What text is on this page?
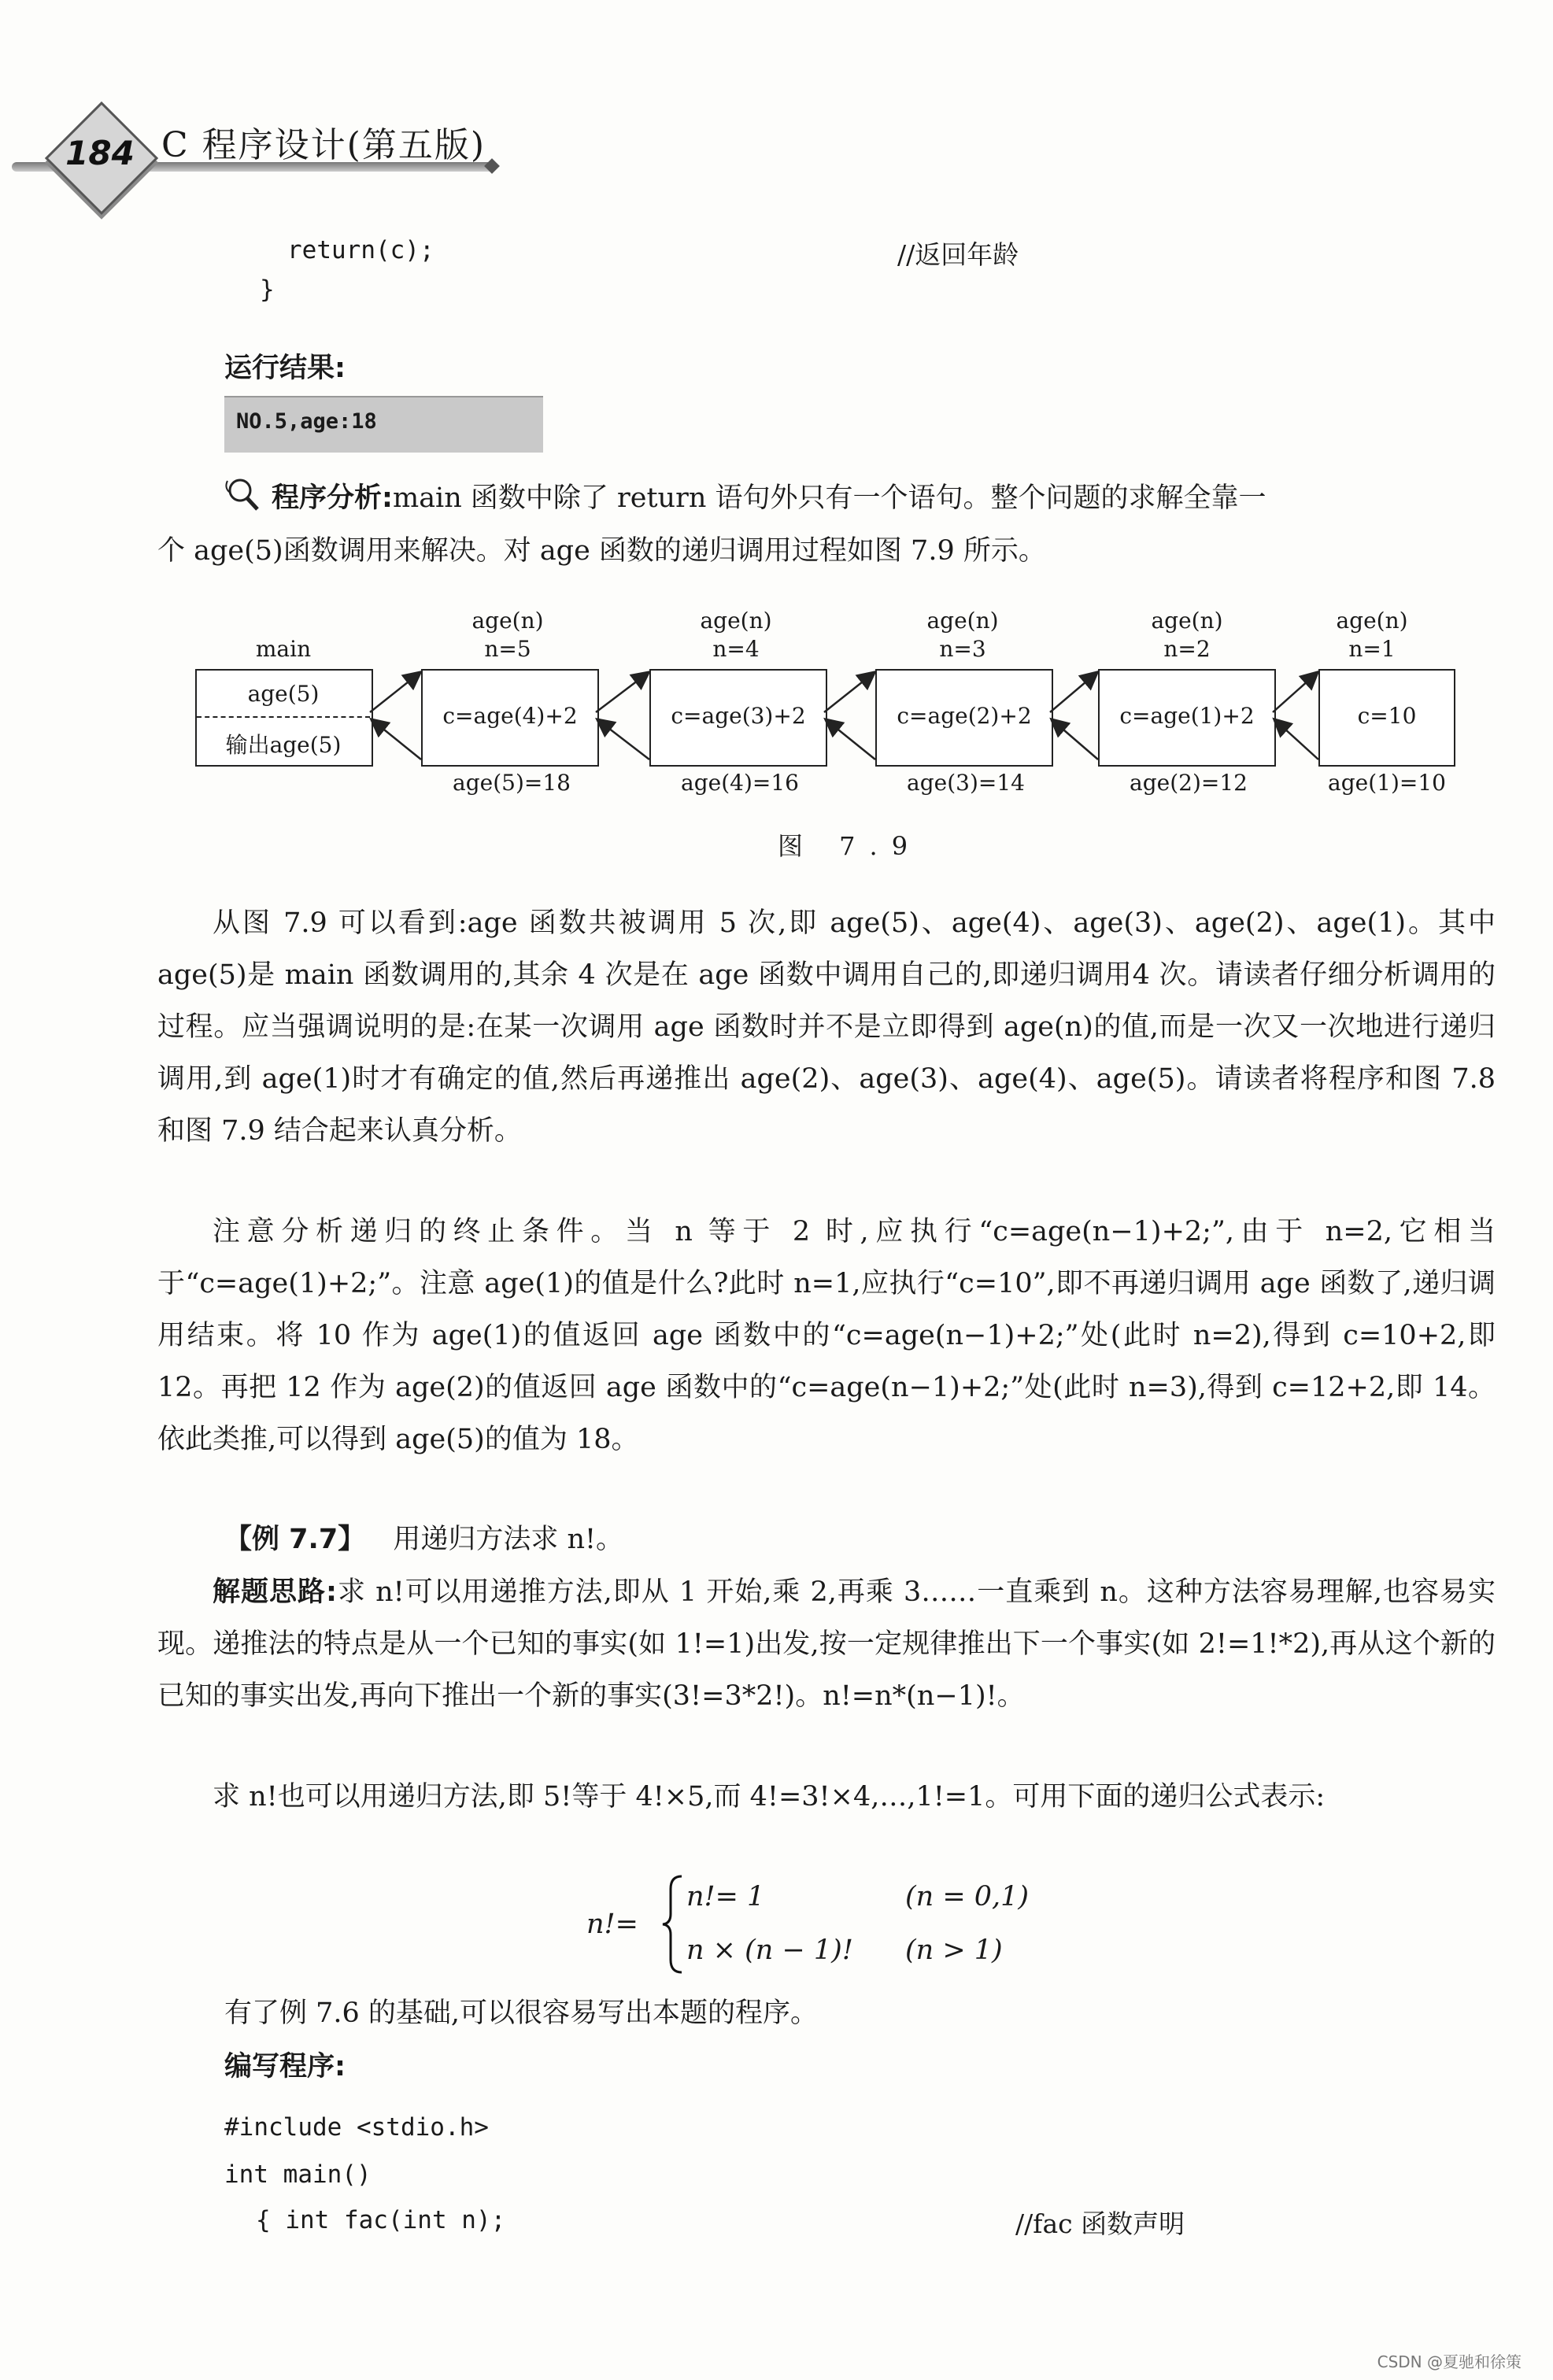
184 C 程序设计(第五版)
return(c);	//返回年龄
}
运行结果:
NO.5,age:18
程序分析:main 函数中除了 return 语句外只有一个语句。整个问题的求解全靠一
个 age(5)函数调用来解决。对 age 函数的递归调用过程如图 7.9 所示。
main
age(5)
输出age(5)
age(n)
n=5
c=age(4)+2
age(5)=18
age(n)
n=4
c=age(3)+2
age(4)=16
age(n)
n=3
c=age(2)+2
age(3)=14
age(n)
n=2
c=age(1)+2
age(2)=12
age(n)
n=1
c=10
age(1)=10
图 7.9
从图 7.9 可以看到:age 函数共被调用 5 次,即 age(5)、age(4)、age(3)、age(2)、age(1)。其中 age(5)是 main 函数调用的,其余 4 次是在 age 函数中调用自己的,即递归调用4 次。请读者仔细分析调用的过程。应当强调说明的是:在某一次调用 age 函数时并不是立即得到 age(n)的值,而是一次又一次地进行递归调用,到 age(1)时才有确定的值,然后再递推出 age(2)、age(3)、age(4)、age(5)。请读者将程序和图 7.8 和图 7.9 结合起来认真分析。
注意分析递归的终止条件。当 n 等于 2 时,应执行“c=age(n−1)+2;”,由于 n=2,它相当于“c=age(1)+2;”。注意 age(1)的值是什么?此时 n=1,应执行“c=10”,即不再递归调用 age 函数了,递归调用结束。将 10 作为 age(1)的值返回 age 函数中的“c=age(n−1)+2;”处(此时 n=2),得到 c=10+2,即 12。再把 12 作为 age(2)的值返回 age 函数中的“c=age(n−1)+2;”处(此时 n=3),得到 c=12+2,即 14。依此类推,可以得到 age(5)的值为 18。
【例 7.7】 用递归方法求 n!。
解题思路:求 n!可以用递推方法,即从 1 开始,乘 2,再乘 3……一直乘到 n。这种方法容易理解,也容易实现。递推法的特点是从一个已知的事实(如 1!=1)出发,按一定规律推出下一个事实(如 2!=1!*2),再从这个新的已知的事实出发,再向下推出一个新的事实(3!=3*2!)。n!=n*(n−1)!。
求 n!也可以用递归方法,即 5!等于 4!×5,而 4!=3!×4,…,1!=1。可用下面的递归公式表示:
n!=
n!= 1	(n = 0,1)
n × (n − 1)! (n > 1)
有了例 7.6 的基础,可以很容易写出本题的程序。
编写程序:
#include <stdio.h>
int main()
{ int fac(int n);	//fac 函数声明
CSDN @夏驰和徐策
